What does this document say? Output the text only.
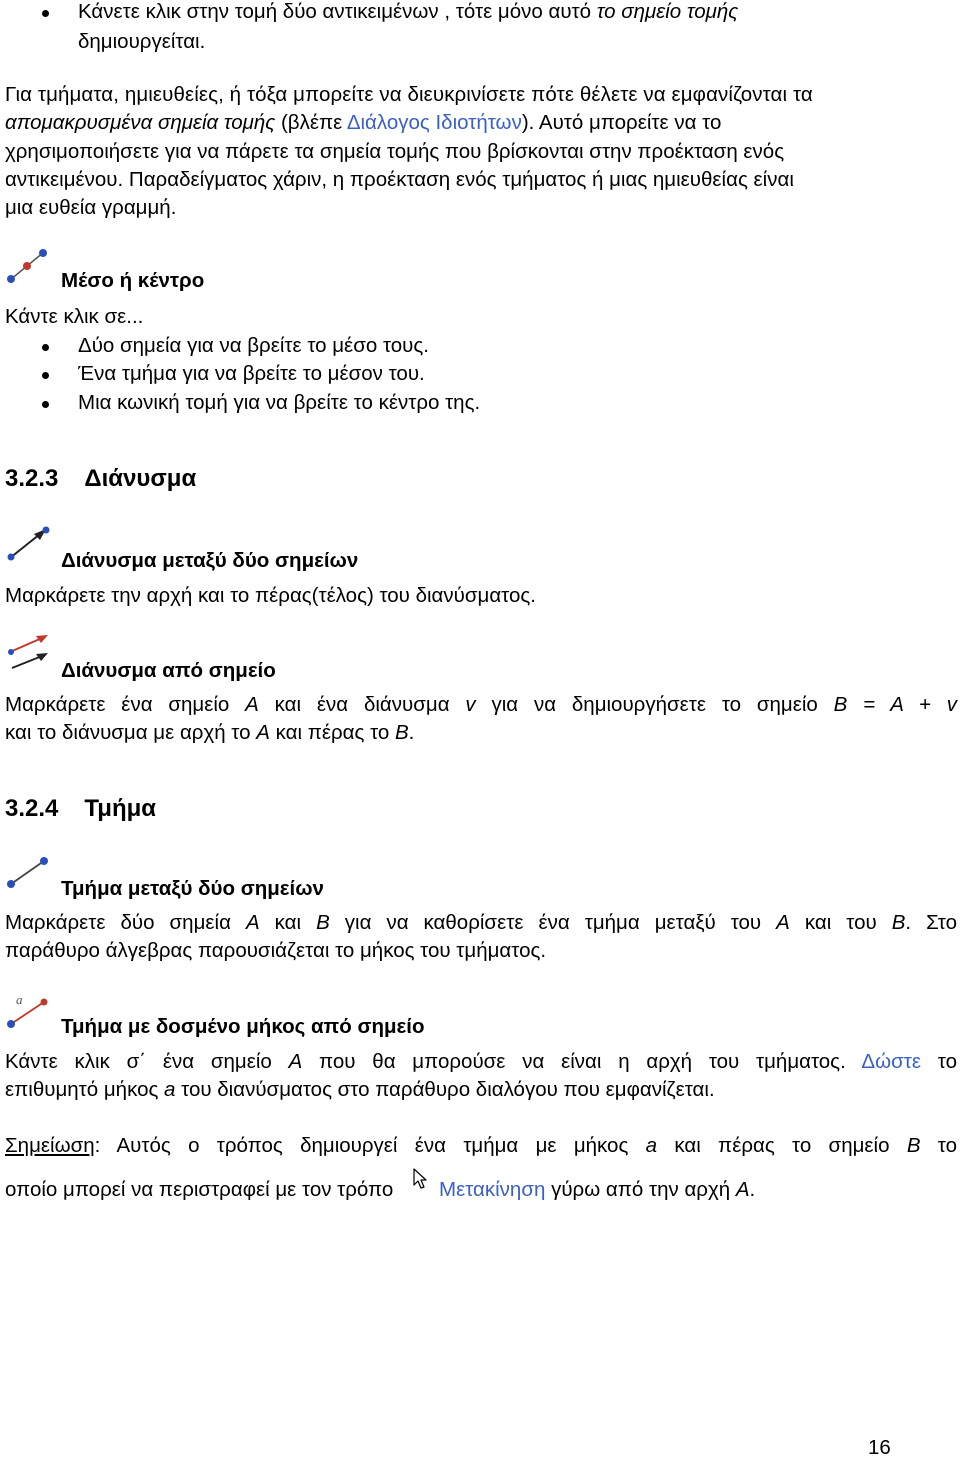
Κάνετε κλικ στην τομή δύο αντικειμένων , τότε μόνο αυτό το σημείο τομής
δημιουργείται.
Για τμήματα, ημιευθείες, ή τόξα μπορείτε να διευκρινίσετε πότε θέλετε να εμφανίζονται τα
απομακρυσμένα σημεία τομής (βλέπε Διάλογος Ιδιοτήτων). Αυτό μπορείτε να το
χρησιμοποιήσετε για να πάρετε τα σημεία τομής που βρίσκονται στην προέκταση ενός
αντικειμένου. Παραδείγματος χάριν, η προέκταση ενός τμήματος ή μιας ημιευθείας είναι
μια ευθεία γραμμή.
Μέσο ή κέντρο
Κάντε κλικ σε...
Δύο σημεία για να βρείτε το μέσο τους.
Ένα τμήμα για να βρείτε το μέσον του.
Μια κωνική τομή για να βρείτε το κέντρο της.
3.2.3 Διάνυσμα
Διάνυσμα μεταξύ δύο σημείων
Μαρκάρετε την αρχή και το πέρας(τέλος) του διανύσματος.
Διάνυσμα από σημείο
Μαρκάρετε ένα σημείο A και ένα διάνυσμα v για να δημιουργήσετε το σημείο B = A + v
και το διάνυσμα με αρχή το A και πέρας το B.
3.2.4 Τμήμα
Τμήμα μεταξύ δύο σημείων
Μαρκάρετε δύο σημεία A και B για να καθορίσετε ένα τμήμα μεταξύ του A και του B. Στο
παράθυρο άλγεβρας παρουσιάζεται το μήκος του τμήματος.
a
Τμήμα με δοσμένο μήκος από σημείο
Κάντε κλικ σ΄ ένα σημείο A που θα μπορούσε να είναι η αρχή του τμήματος. Δώστε το
επιθυμητό μήκος a του διανύσματος στο παράθυρο διαλόγου που εμφανίζεται.
Σημείωση: Αυτός ο τρόπος δημιουργεί ένα τμήμα με μήκος a και πέρας το σημείο B το
οποίο μπορεί να περιστραφεί με τον τρόπο Μετακίνηση γύρω από την αρχή A.
16
